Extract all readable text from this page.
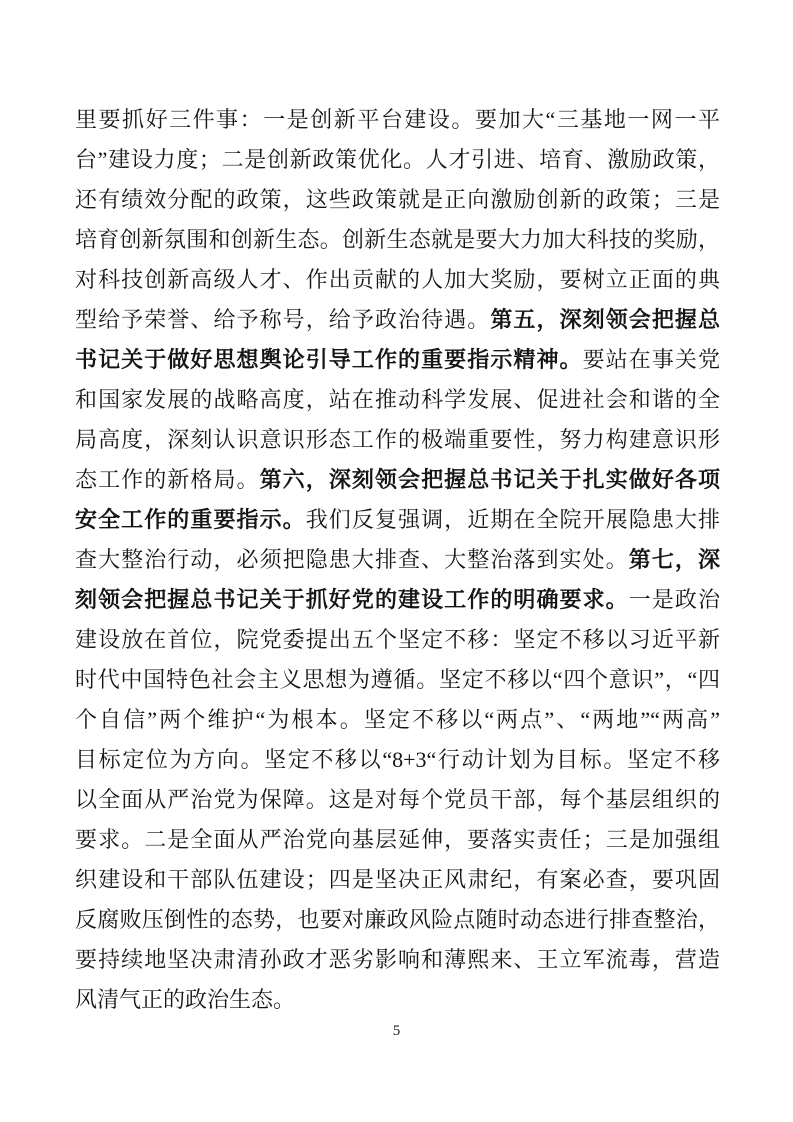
里要抓好三件事：一是创新平台建设。要加大“三基地一网一平
台”建设力度；二是创新政策优化。人才引进、培育、激励政策，
还有绩效分配的政策，这些政策就是正向激励创新的政策；三是
培育创新氛围和创新生态。创新生态就是要大力加大科技的奖励，
对科技创新高级人才、作出贡献的人加大奖励，要树立正面的典
型给予荣誉、给予称号，给予政治待遇。第五，深刻领会把握总
书记关于做好思想舆论引导工作的重要指示精神。要站在事关党
和国家发展的战略高度，站在推动科学发展、促进社会和谐的全
局高度，深刻认识意识形态工作的极端重要性，努力构建意识形
态工作的新格局。第六，深刻领会把握总书记关于扎实做好各项
安全工作的重要指示。我们反复强调，近期在全院开展隐患大排
查大整治行动，必须把隐患大排查、大整治落到实处。第七，深
刻领会把握总书记关于抓好党的建设工作的明确要求。一是政治
建设放在首位，院党委提出五个坚定不移：坚定不移以习近平新
时代中国特色社会主义思想为遵循。坚定不移以“四个意识”，“四
个自信”两个维护“为根本。坚定不移以“两点”、“两地”“两高”
目标定位为方向。坚定不移以“8+3“行动计划为目标。坚定不移
以全面从严治党为保障。这是对每个党员干部，每个基层组织的
要求。二是全面从严治党向基层延伸，要落实责任；三是加强组
织建设和干部队伍建设；四是坚决正风肃纪，有案必查，要巩固
反腐败压倒性的态势，也要对廉政风险点随时动态进行排查整治，
要持续地坚决肃清孙政才恶劣影响和薄熙来、王立军流毒，营造
风清气正的政治生态。
5
